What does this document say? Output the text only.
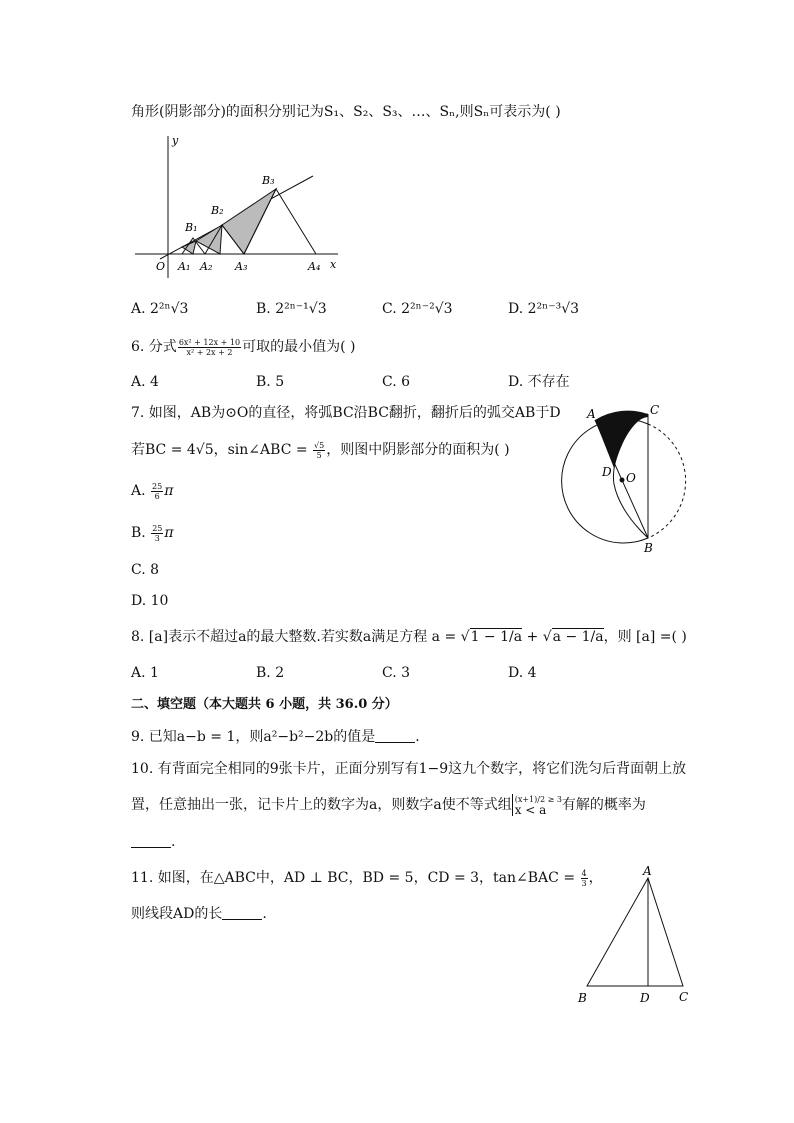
角形(阴影部分)的面积分别记为S₁、S₂、S₃、…、Sₙ,则Sₙ可表示为( )
y
x
O
B₁
B₂
B₃
A₁ A₂ A₃	A₄
A. 2²ⁿ√3	B. 2²ⁿ⁻¹√3	C. 2²ⁿ⁻²√3	D. 2²ⁿ⁻³√3
6. 分式 $\frac{\text{6x² + 12x + 10}}{\text{x² + 2x + 2}}$ 可取的最小值为( )
A. 4	B. 5	C. 6	D. 不存在
7. 如图，AB为⊙O的直径，将弧BC沿BC翻折，翻折后的弧交AB于D
若BC = 4√5，sin∠ABC = $\frac{√5}{5}$ ，则图中阴影部分的面积为( )
A. $\frac{25}{6}$ π
B. $\frac{25}{3}$ π
C. 8
D. 10
A	C
D O
B
8. [a]表示不超过a的最大整数.若实数a满足方程 a = √1 − 1/a + √a − 1/a，则 [a] =( )
A. 1	B. 2	C. 3	D. 4
二、填空题（本大题共 6 小题，共 36.0 分）
9. 已知a−b = 1，则a²−b²−2b的值是	.
10. 有背面完全相同的9张卡片，正面分别写有1−9这九个数字，将它们洗匀后背面朝上放
置，任意抽出一张，记卡片上的数字为a，则数字a使不等式组 (x+1)/2 ≥ 3
x < a	有解的概率为
.
11. 如图，在△ABC中，AD ⊥ BC，BD = 5，CD = 3，tan∠BAC = $\frac{4}{3}$ ，
则线段AD的长	.
A
B	D C
